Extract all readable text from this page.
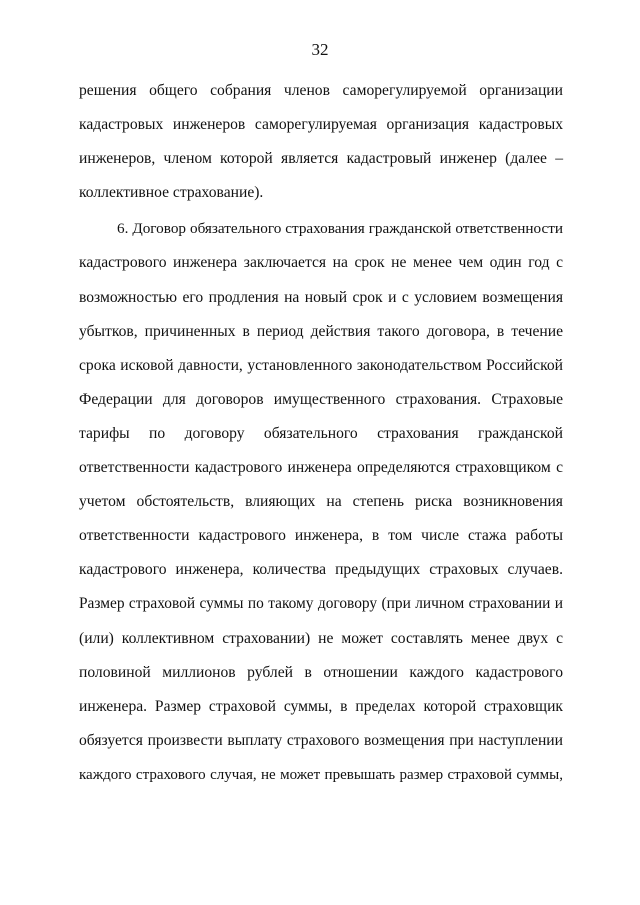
32
решения общего собрания членов саморегулируемой организации
кадастровых инженеров саморегулируемая организация кадастровых
инженеров, членом которой является кадастровый инженер (далее –
коллективное страхование).
6. Договор обязательного страхования гражданской ответственности
кадастрового инженера заключается на срок не менее чем один год с
возможностью его продления на новый срок и с условием возмещения
убытков, причиненных в период действия такого договора, в течение
срока исковой давности, установленного законодательством Российской
Федерации для договоров имущественного страхования. Страховые
тарифы по договору обязательного страхования гражданской
ответственности кадастрового инженера определяются страховщиком с
учетом обстоятельств, влияющих на степень риска возникновения
ответственности кадастрового инженера, в том числе стажа работы
кадастрового инженера, количества предыдущих страховых случаев.
Размер страховой суммы по такому договору (при личном страховании и
(или) коллективном страховании) не может составлять менее двух с
половиной миллионов рублей в отношении каждого кадастрового
инженера. Размер страховой суммы, в пределах которой страховщик
обязуется произвести выплату страхового возмещения при наступлении
каждого страхового случая, не может превышать размер страховой суммы,
